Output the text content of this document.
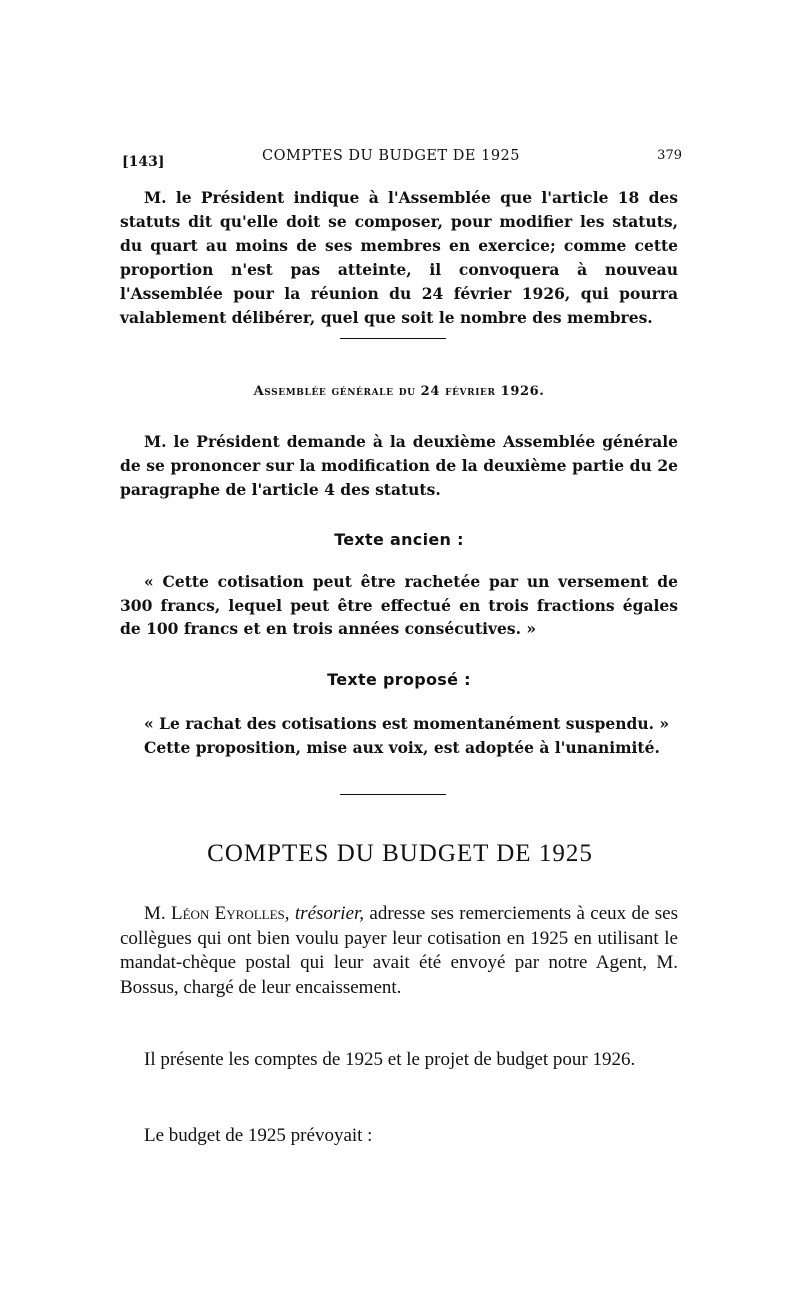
[143]	COMPTES DU BUDGET DE 1925	379
M. le Président indique à l'Assemblée que l'article 18 des statuts dit qu'elle doit se composer, pour modifier les statuts, du quart au moins de ses membres en exercice; comme cette proportion n'est pas atteinte, il convoquera à nouveau l'Assemblée pour la réunion du 24 février 1926, qui pourra valablement délibérer, quel que soit le nombre des membres.
Assemblée générale du 24 février 1926.
M. le Président demande à la deuxième Assemblée générale de se prononcer sur la modification de la deuxième partie du 2e paragraphe de l'article 4 des statuts.
Texte ancien :
« Cette cotisation peut être rachetée par un versement de 300 francs, lequel peut être effectué en trois fractions égales de 100 francs et en trois années consécutives. »
Texte proposé :
« Le rachat des cotisations est momentanément suspendu. »
Cette proposition, mise aux voix, est adoptée à l'unanimité.
COMPTES DU BUDGET DE 1925
M. Léon Eyrolles, trésorier, adresse ses remerciements à ceux de ses collègues qui ont bien voulu payer leur cotisation en 1925 en utilisant le mandat-chèque postal qui leur avait été envoyé par notre Agent, M. Bossus, chargé de leur encaissement.
Il présente les comptes de 1925 et le projet de budget pour 1926.
Le budget de 1925 prévoyait :
